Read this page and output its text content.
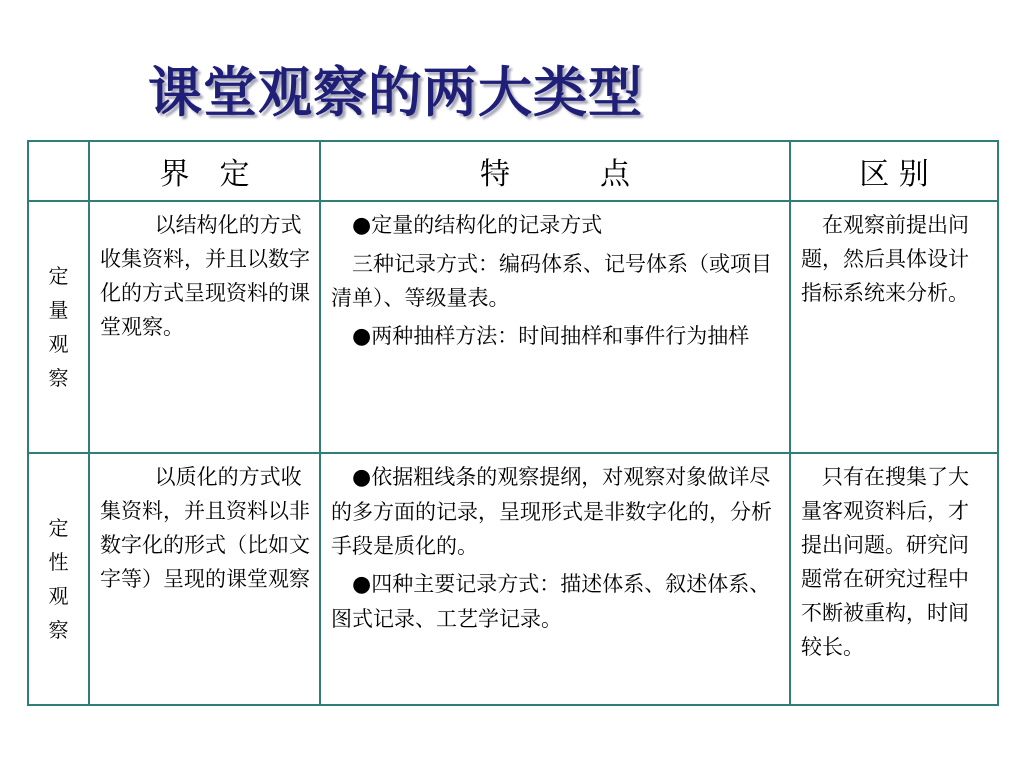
课堂观察的两大类型
	界　定	特　　　点	区 别

定量观察	以结构化的方式收集资料，并且以数字化的方式呈现资料的课堂观察。	●定量的结构化的记录方式

三种记录方式：编码体系、记号体系（或项目清单）、等级量表。

●两种抽样方法：时间抽样和事件行为抽样	在观察前提出问题，然后具体设计指标系统来分析。

定性观察	以质化的方式收集资料，并且资料以非数字化的形式（比如文字等）呈现的课堂观察	●依据粗线条的观察提纲，对观察对象做详尽的多方面的记录，呈现形式是非数字化的，分析手段是质化的。

●四种主要记录方式：描述体系、叙述体系、图式记录、工艺学记录。	只有在搜集了大量客观资料后，才提出问题。研究问题常在研究过程中不断被重构，时间较长。
